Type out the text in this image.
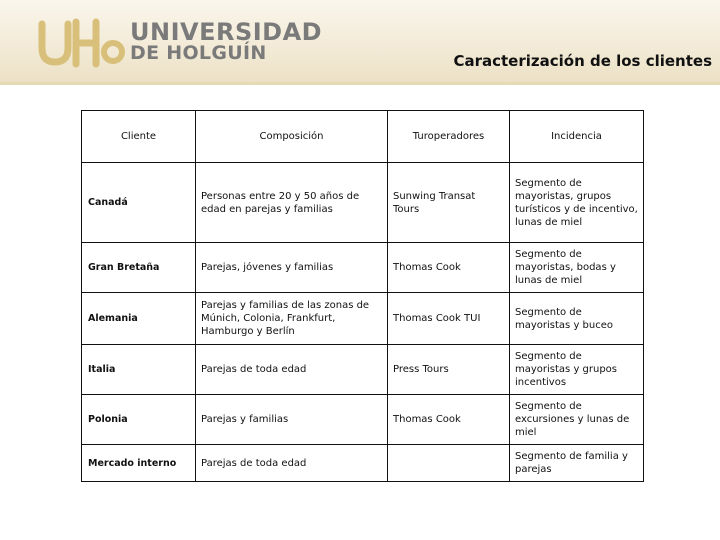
UNIVERSIDAD
DE HOLGUÍN	Caracterización de los clientes
Cliente	Composición	Turoperadores	Incidencia
Canadá	Personas entre 20 y 50 años de edad en parejas y familias	Sunwing Transat Tours	Segmento de mayoristas, grupos turísticos y de incentivo, lunas de miel
Gran Bretaña	Parejas, jóvenes y familias	Thomas Cook	Segmento de mayoristas, bodas y lunas de miel
Alemania	Parejas y familias de las zonas de Múnich, Colonia, Frankfurt, Hamburgo y Berlín	Thomas Cook TUI	Segmento de mayoristas y buceo
Italia	Parejas de toda edad	Press Tours	Segmento de mayoristas y grupos incentivos
Polonia	Parejas y familias	Thomas Cook	Segmento de excursiones y lunas de miel
Mercado interno	Parejas de toda edad		Segmento de familia y parejas
